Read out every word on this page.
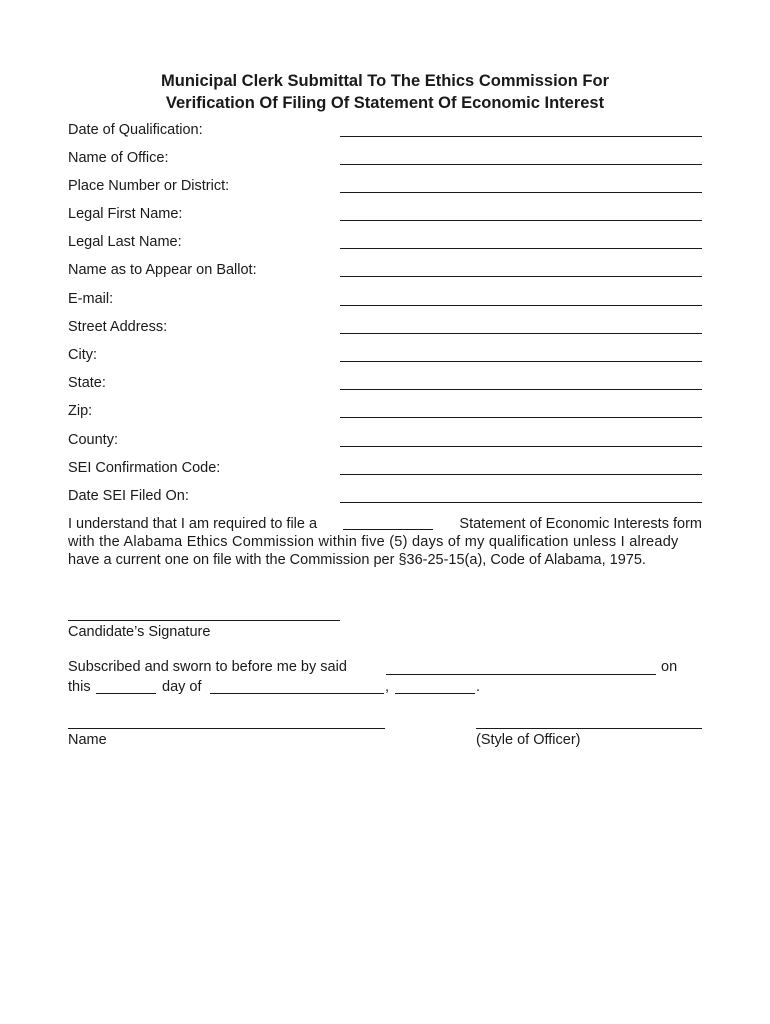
Municipal Clerk Submittal To The Ethics Commission For
Verification Of Filing Of Statement Of Economic Interest
Date of Qualification:
Name of Office:
Place Number or District:
Legal First Name:
Legal Last Name:
Name as to Appear on Ballot:
E-mail:
Street Address:
City:
State:
Zip:
County:
SEI Confirmation Code:
Date SEI Filed On:
I understand that I am required to file a	Statement of Economic Interests form
with the Alabama Ethics Commission within five (5) days of my qualification unless I already
have a current one on file with the Commission per §36-25-15(a), Code of Alabama, 1975.
Candidate’s Signature
Subscribed and sworn to before me by said	on
this	day of	,	.
Name	(Style of Officer)
